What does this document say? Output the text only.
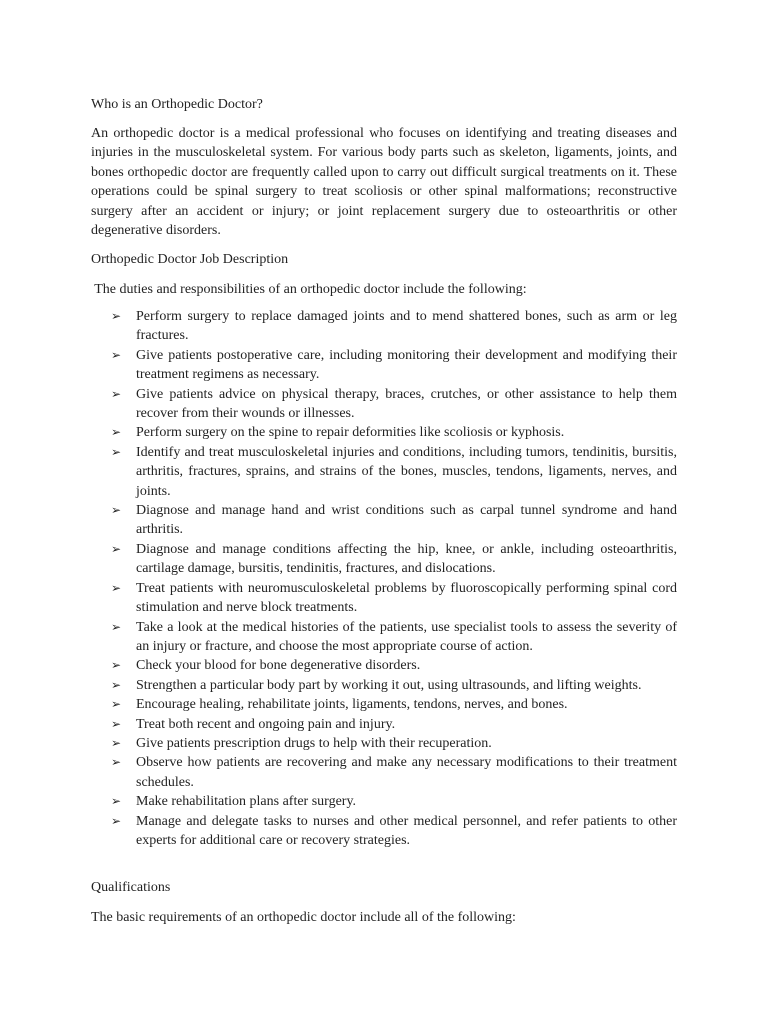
Who is an Orthopedic Doctor?

An orthopedic doctor is a medical professional who focuses on identifying and treating diseases and injuries in the musculoskeletal system. For various body parts such as skeleton, ligaments, joints, and bones orthopedic doctor are frequently called upon to carry out difficult surgical treatments on it. These operations could be spinal surgery to treat scoliosis or other spinal malformations; reconstructive surgery after an accident or injury; or joint replacement surgery due to osteoarthritis or other degenerative disorders.

Orthopedic Doctor Job Description

The duties and responsibilities of an orthopedic doctor include the following:

➢ Perform surgery to replace damaged joints and to mend shattered bones, such as arm or leg fractures.
➢ Give patients postoperative care, including monitoring their development and modifying their treatment regimens as necessary.
➢ Give patients advice on physical therapy, braces, crutches, or other assistance to help them recover from their wounds or illnesses.
➢ Perform surgery on the spine to repair deformities like scoliosis or kyphosis.
➢ Identify and treat musculoskeletal injuries and conditions, including tumors, tendinitis, bursitis, arthritis, fractures, sprains, and strains of the bones, muscles, tendons, ligaments, nerves, and joints.
➢ Diagnose and manage hand and wrist conditions such as carpal tunnel syndrome and hand arthritis.
➢ Diagnose and manage conditions affecting the hip, knee, or ankle, including osteoarthritis, cartilage damage, bursitis, tendinitis, fractures, and dislocations.
➢ Treat patients with neuromusculoskeletal problems by fluoroscopically performing spinal cord stimulation and nerve block treatments.
➢ Take a look at the medical histories of the patients, use specialist tools to assess the severity of an injury or fracture, and choose the most appropriate course of action.
➢ Check your blood for bone degenerative disorders.
➢ Strengthen a particular body part by working it out, using ultrasounds, and lifting weights.
➢ Encourage healing, rehabilitate joints, ligaments, tendons, nerves, and bones.
➢ Treat both recent and ongoing pain and injury.
➢ Give patients prescription drugs to help with their recuperation.
➢ Observe how patients are recovering and make any necessary modifications to their treatment schedules.
➢ Make rehabilitation plans after surgery.
➢ Manage and delegate tasks to nurses and other medical personnel, and refer patients to other experts for additional care or recovery strategies.

Qualifications

The basic requirements of an orthopedic doctor include all of the following:
